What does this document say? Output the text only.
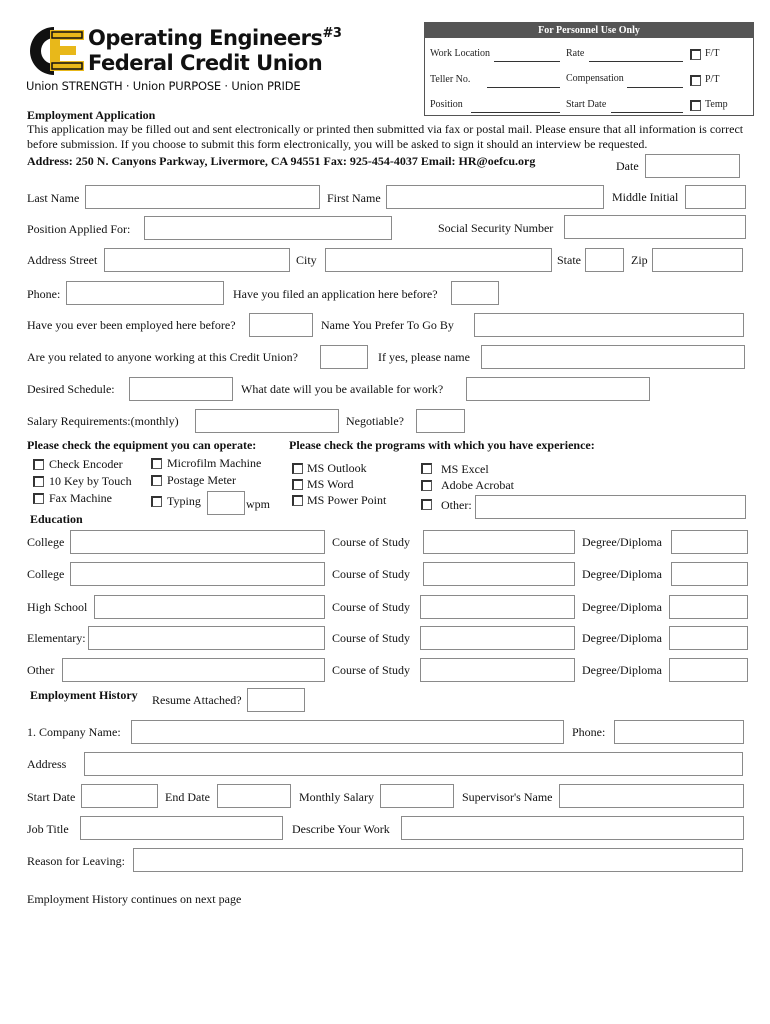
Operating Engineers$^{\#3}$
Federal Credit Union
Union STRENGTH · Union PURPOSE · Union PRIDE
For Personnel Use Only
Work Location	Rate	F/T
Teller No.	Compensation	P/T
Position	Start Date	Temp
Employment Application
This application may be filled out and sent electronically or printed then submitted via fax or postal mail. Please ensure that all information is correct before submission. If you choose to submit this form electronically, you will be asked to sign it should an interview be requested.
Address: 250 N. Canyons Parkway, Livermore, CA 94551 Fax: 925-454-4037 Email: HR@oefcu.org	Date
Last Name	First Name	Middle Initial
Position Applied For:	Social Security Number
Address Street	City	State	Zip
Phone:	Have you filed an application here before?
Have you ever been employed here before?	Name You Prefer To Go By
Are you related to anyone working at this Credit Union?	If yes, please name
Desired Schedule:	What date will you be available for work?
Salary Requirements:(monthly)	Negotiable?
Please check the equipment you can operate:
Check Encoder
10 Key by Touch
Fax Machine
Microfilm Machine
Postage Meter
Typing	wpm
Please check the programs with which you have experience:
MS Outlook
MS Word
MS Power Point
MS Excel
Adobe Acrobat
Other:
Education
College	Course of Study	Degree/Diploma
College	Course of Study	Degree/Diploma
High School	Course of Study	Degree/Diploma
Elementary:	Course of Study	Degree/Diploma
Other	Course of Study	Degree/Diploma
Employment History Resume Attached?
1. Company Name:	Phone:
Address
Start Date	End Date	Monthly Salary	Supervisor's Name
Job Title	Describe Your Work
Reason for Leaving:
Employment History continues on next page
